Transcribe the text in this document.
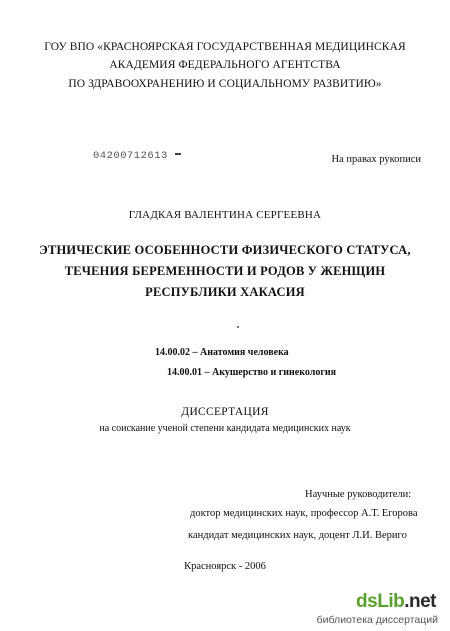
ГОУ ВПО «КРАСНОЯРСКАЯ ГОСУДАРСТВЕННАЯ МЕДИЦИНСКАЯ
АКАДЕМИЯ ФЕДЕРАЛЬНОГО АГЕНТСТВА
ПО ЗДРАВООХРАНЕНИЮ И СОЦИАЛЬНОМУ РАЗВИТИЮ»
04200712613	На правах рукописи
ГЛАДКАЯ ВАЛЕНТИНА СЕРГЕЕВНА
ЭТНИЧЕСКИЕ ОСОБЕННОСТИ ФИЗИЧЕСКОГО СТАТУСА,
ТЕЧЕНИЯ БЕРЕМЕННОСТИ И РОДОВ У ЖЕНЩИН
РЕСПУБЛИКИ ХАКАСИЯ
14.00.02 – Анатомия человека
14.00.01 – Акушерство и гинекология
ДИССЕРТАЦИЯ
на соискание ученой степени кандидата медицинских наук
Научные руководители:
доктор медицинских наук, профессор А.Т. Егорова
кандидат медицинских наук, доцент Л.И. Вериго
Красноярск - 2006
dsLib.net
библиотека диссертаций
